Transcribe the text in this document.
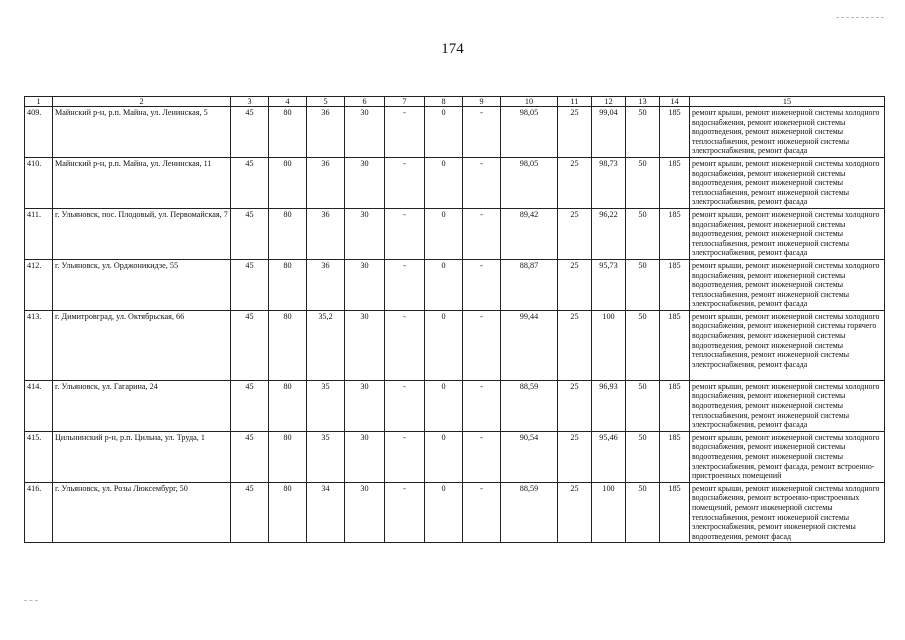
174
1	2	3	4	5	6	7	8	9	10	11	12	13	14	15
409.	Майнский р-н, р.п. Майна, ул. Ленинская, 5	45	80	36	30	-	0	-	98,05	25	99,04	50	185	ремонт крыши, ремонт инженерной системы холодного водоснабжения, ремонт инженерной системы водоотведения, ремонт инженерной системы теплоснабжения, ремонт инженерной системы электроснабжения, ремонт фасада
410.	Майнский р-н, р.п. Майна, ул. Ленинская, 11	45	80	36	30	-	0	-	98,05	25	98,73	50	185	ремонт крыши, ремонт инженерной системы холодного водоснабжения, ремонт инженерной системы водоотведения, ремонт инженерной системы теплоснабжения, ремонт инженерной системы электроснабжения, ремонт фасада
411.	г. Ульяновск, пос. Плодовый, ул. Первомайская, 7	45	80	36	30	-	0	-	89,42	25	96,22	50	185	ремонт крыши, ремонт инженерной системы холодного водоснабжения, ремонт инженерной системы водоотведения, ремонт инженерной системы теплоснабжения, ремонт инженерной системы электроснабжения, ремонт фасада
412.	г. Ульяновск, ул. Орджоникидзе, 55	45	80	36	30	-	0	-	88,87	25	95,73	50	185	ремонт крыши, ремонт инженерной системы холодного водоснабжения, ремонт инженерной системы водоотведения, ремонт инженерной системы теплоснабжения, ремонт инженерной системы электроснабжения, ремонт фасада
413.	г. Димитровград, ул. Октябрьская, 66	45	80	35,2	30	-	0	-	99,44	25	100	50	185	ремонт крыши, ремонт инженерной системы холодного водоснабжения, ремонт инженерной системы горячего водоснабжения, ремонт инженерной системы водоотведения, ремонт инженерной системы теплоснабжения, ремонт инженерной системы электроснабжения, ремонт фасада
414.	г. Ульяновск, ул. Гагарина, 24	45	80	35	30	-	0	-	88,59	25	96,93	50	185	ремонт крыши, ремонт инженерной системы холодного водоснабжения, ремонт инженерной системы водоотведения, ремонт инженерной системы теплоснабжения, ремонт инженерной системы электроснабжения, ремонт фасада
415.	Цильнинский р-н, р.п. Цильна, ул. Труда, 1	45	80	35	30	-	0	-	90,54	25	95,46	50	185	ремонт крыши, ремонт инженерной системы холодного водоснабжения, ремонт инженерной системы водоотведения, ремонт инженерной системы электроснабжения, ремонт фасада, ремонт встроенно-пристроенных помещений
416.	г. Ульяновск, ул. Розы Люксембург, 50	45	80	34	30	-	0	-	88,59	25	100	50	185	ремонт крыши, ремонт инженерной системы холодного водоснабжения, ремонт встроенно-пристроенных помещений, ремонт инженерной системы теплоснабжения, ремонт инженерной системы электроснабжения, ремонт инженерной системы водоотведения, ремонт фасад
